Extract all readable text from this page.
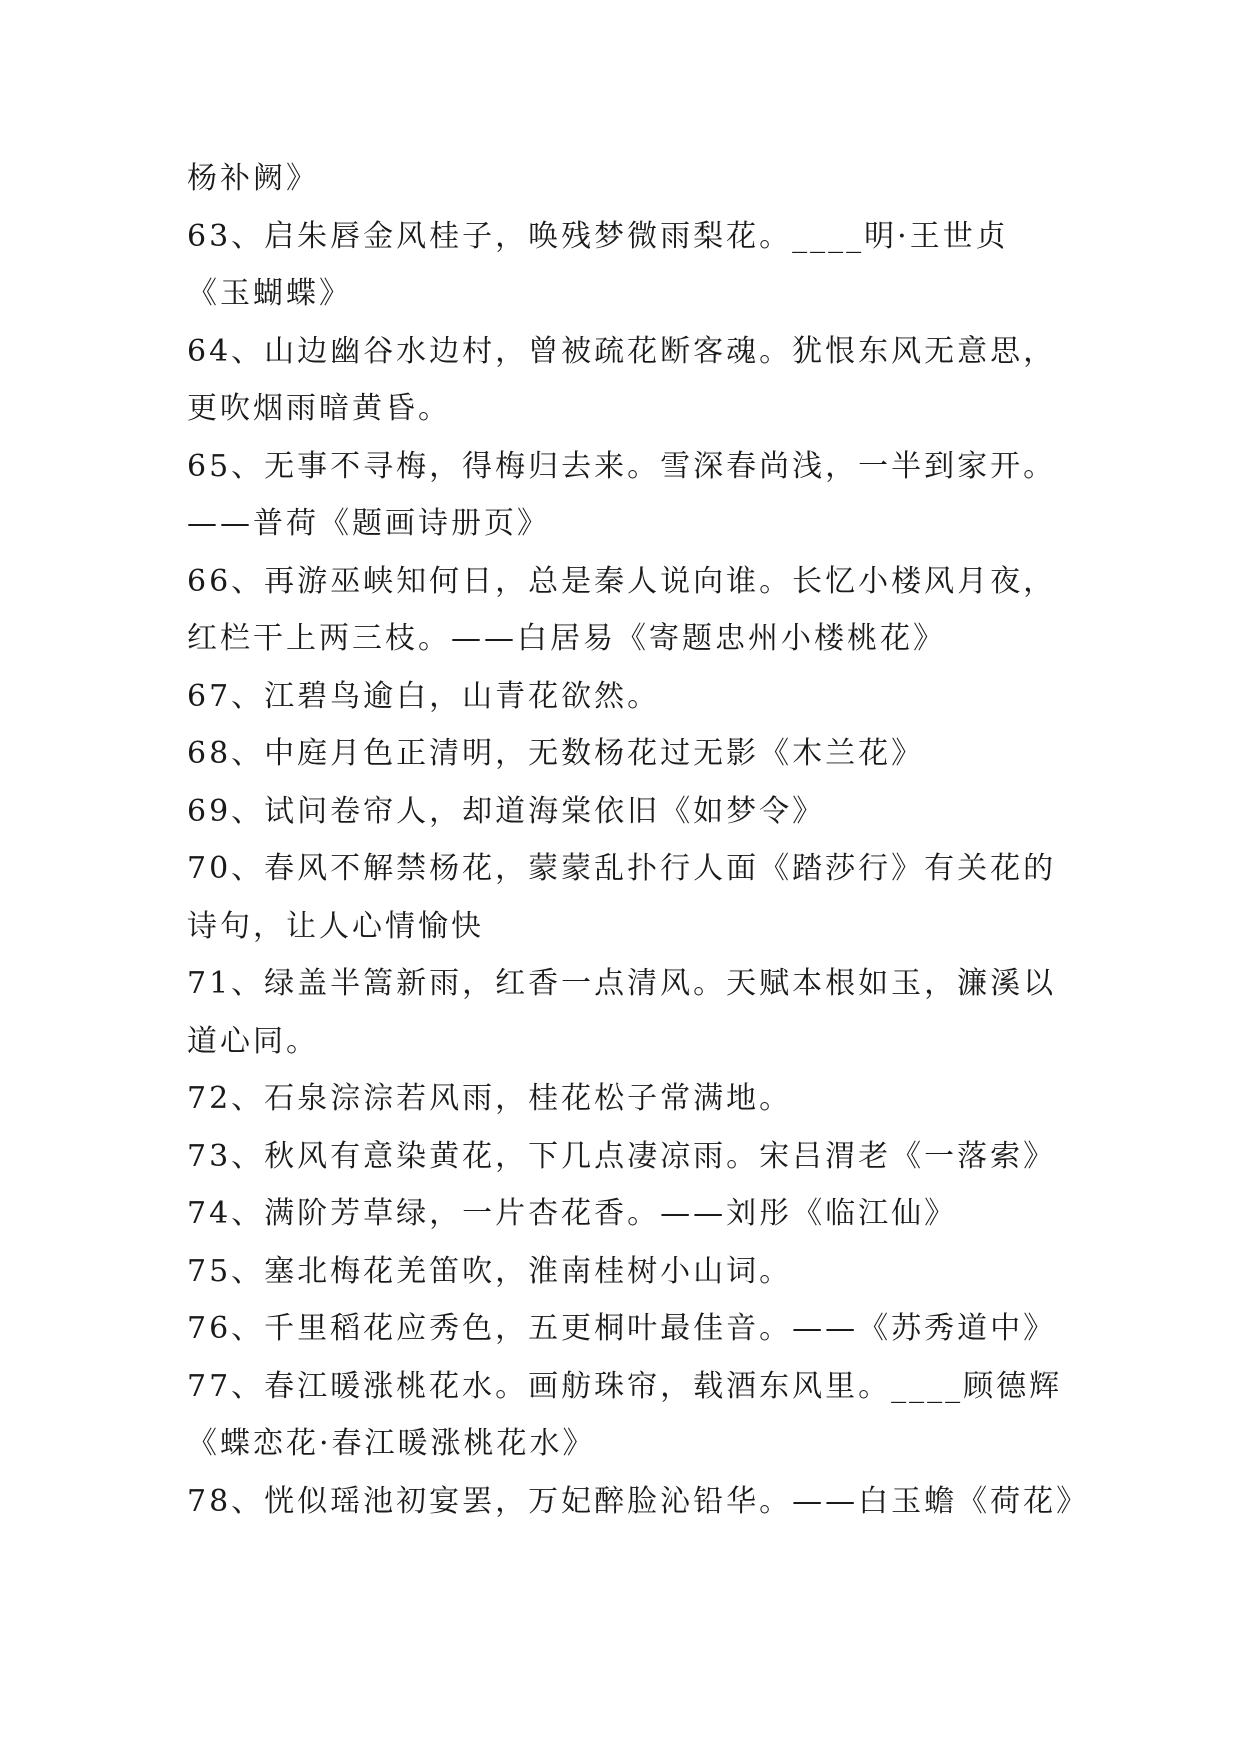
杨补阙》
63、启朱唇金风桂子，唤残梦微雨梨花。____明·王世贞
《玉蝴蝶》
64、山边幽谷水边村，曾被疏花断客魂。犹恨东风无意思，
更吹烟雨暗黄昏。
65、无事不寻梅，得梅归去来。雪深春尚浅，一半到家开。
——普荷《题画诗册页》
66、再游巫峡知何日，总是秦人说向谁。长忆小楼风月夜，
红栏干上两三枝。——白居易《寄题忠州小楼桃花》
67、江碧鸟逾白，山青花欲然。
68、中庭月色正清明，无数杨花过无影《木兰花》
69、试问卷帘人，却道海棠依旧《如梦令》
70、春风不解禁杨花，蒙蒙乱扑行人面《踏莎行》有关花的
诗句，让人心情愉快
71、绿盖半篙新雨，红香一点清风。天赋本根如玉，濂溪以
道心同。
72、石泉淙淙若风雨，桂花松子常满地。
73、秋风有意染黄花，下几点凄凉雨。宋吕渭老《一落索》
74、满阶芳草绿，一片杏花香。——刘彤《临江仙》
75、塞北梅花羌笛吹，淮南桂树小山词。
76、千里稻花应秀色，五更桐叶最佳音。——《苏秀道中》
77、春江暖涨桃花水。画舫珠帘，载酒东风里。____顾德辉
《蝶恋花·春江暖涨桃花水》
78、恍似瑶池初宴罢，万妃醉脸沁铅华。——白玉蟾《荷花》
